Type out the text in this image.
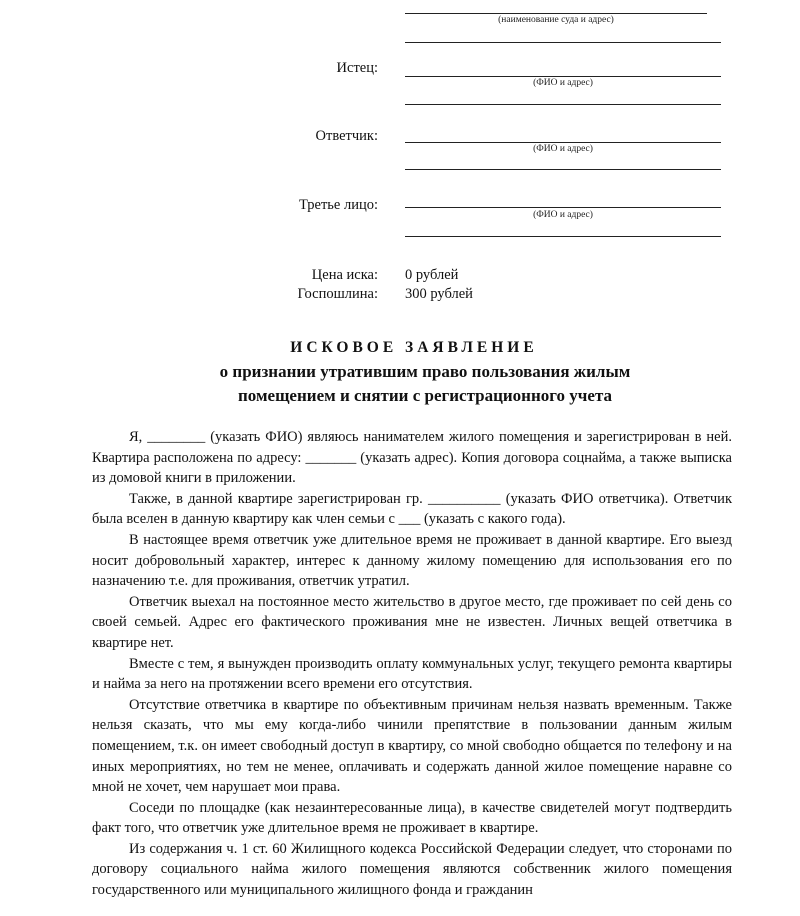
(наименование суда и адрес)
Истец:
(ФИО и адрес)
Ответчик:
(ФИО и адрес)
Третье лицо:
(ФИО и адрес)
Цена иска: 0 рублей
Госпошлина: 300 рублей
ИСКОВОЕ ЗАЯВЛЕНИЕ
о признании утратившим право пользования жилым
помещением и снятии с регистрационного учета

Я, ________ (указать ФИО) являюсь нанимателем жилого помещения и зарегистрирован в ней. Квартира расположена по адресу: _______ (указать адрес). Копия договора соцнайма, а также выписка из домовой книги в приложении.

Также, в данной квартире зарегистрирован гр. __________ (указать ФИО ответчика). Ответчик была вселен в данную квартиру как член семьи с ___ (указать с какого года).

В настоящее время ответчик уже длительное время не проживает в данной квартире. Его выезд носит добровольный характер, интерес к данному жилому помещению для использования его по назначению т.е. для проживания, ответчик утратил.

Ответчик выехал на постоянное место жительство в другое место, где проживает по сей день со своей семьей. Адрес его фактического проживания мне не известен. Личных вещей ответчика в квартире нет.

Вместе с тем, я вынужден производить оплату коммунальных услуг, текущего ремонта квартиры и найма за него на протяжении всего времени его отсутствия.

Отсутствие ответчика в квартире по объективным причинам нельзя назвать временным. Также нельзя сказать, что мы ему когда-либо чинили препятствие в пользовании данным жилым помещением, т.к. он имеет свободный доступ в квартиру, со мной свободно общается по телефону и на иных мероприятиях, но тем не менее, оплачивать и содержать данной жилое помещение наравне со мной не хочет, чем нарушает мои права.

Соседи по площадке (как незаинтересованные лица), в качестве свидетелей могут подтвердить факт того, что ответчик уже длительное время не проживает в квартире.

Из содержания ч. 1 ст. 60 Жилищного кодекса Российской Федерации следует, что сторонами по договору социального найма жилого помещения являются собственник жилого помещения государственного или муниципального жилищного фонда и гражданин
